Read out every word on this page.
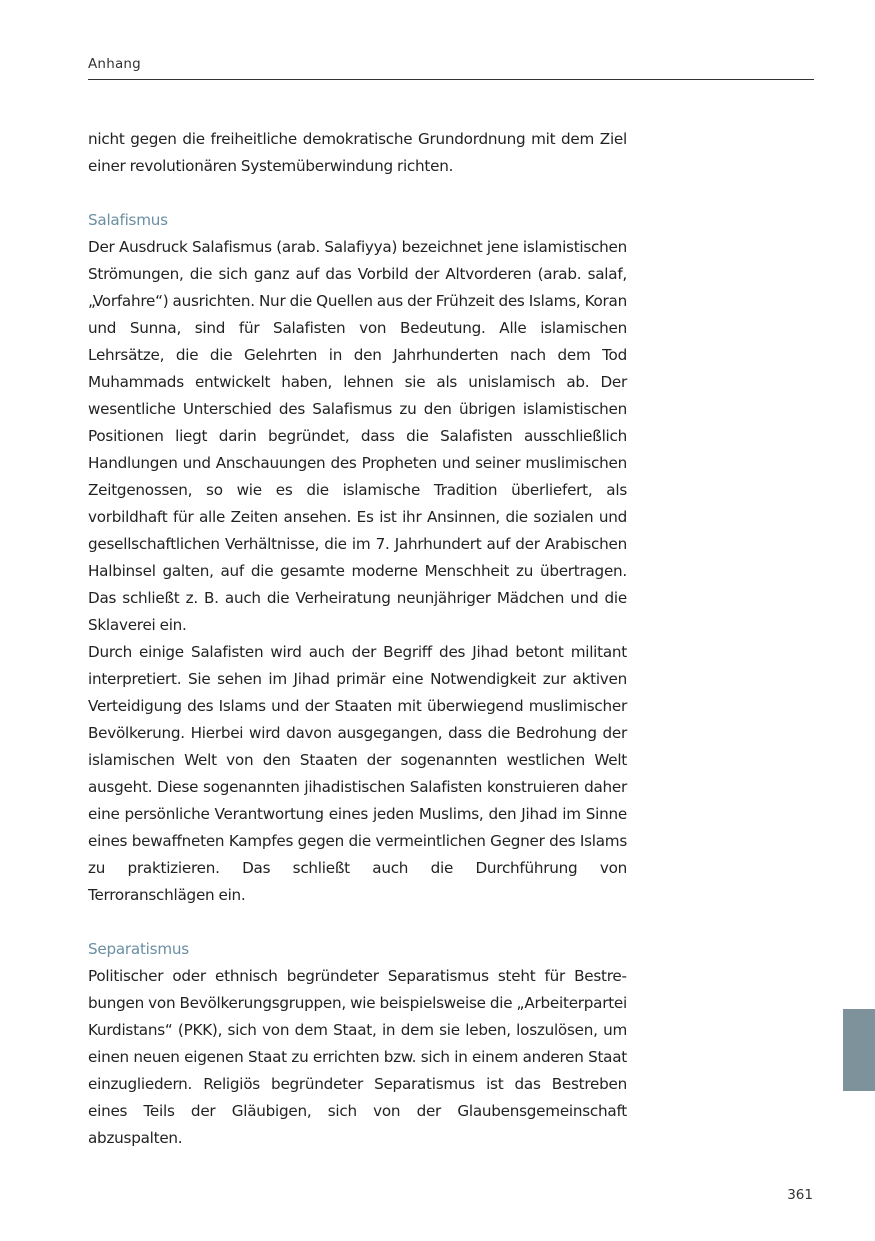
Anhang

nicht gegen die freiheitliche demokratische Grundordnung mit dem Ziel einer revolutionären Systemüberwindung richten.

Salafismus

Der Ausdruck Salafismus (arab. Salafiyya) bezeichnet jene islamistischen Strömungen, die sich ganz auf das Vorbild der Altvorderen (arab. salaf, „Vorfahre“) ausrichten. Nur die Quellen aus der Frühzeit des Islams, Koran und Sunna, sind für Salafisten von Bedeutung. Alle islamischen Lehrsätze, die die Gelehrten in den Jahrhunderten nach dem Tod Muhammads entwickelt haben, lehnen sie als unislamisch ab. Der wesentliche Unterschied des Salafismus zu den übrigen islamistischen Positionen liegt darin begründet, dass die Salafisten ausschließlich Handlungen und Anschauungen des Propheten und seiner muslimischen Zeitgenossen, so wie es die islamische Tradition überliefert, als vorbildhaft für alle Zeiten ansehen. Es ist ihr Ansinnen, die sozialen und gesellschaftlichen Verhältnisse, die im 7. Jahrhundert auf der Arabischen Halbinsel galten, auf die gesamte moderne Menschheit zu übertragen. Das schließt z. B. auch die Verheiratung neunjähriger Mädchen und die Sklaverei ein.

Durch einige Salafisten wird auch der Begriff des Jihad betont militant interpretiert. Sie sehen im Jihad primär eine Notwendigkeit zur aktiven Verteidigung des Islams und der Staaten mit überwiegend muslimischer Bevölkerung. Hierbei wird davon ausgegangen, dass die Bedrohung der islamischen Welt von den Staaten der sogenannten westlichen Welt ausgeht. Diese sogenannten jihadistischen Salafisten konstruieren daher eine persönliche Verantwortung eines jeden Muslims, den Jihad im Sinne eines bewaffneten Kampfes gegen die vermeintlichen Gegner des Islams zu praktizieren. Das schließt auch die Durchführung von Terroranschlägen ein.

Separatismus

Politischer oder ethnisch begründeter Separatismus steht für Bestrebungen von Bevölkerungsgruppen, wie beispielsweise die „Arbeiterpartei Kurdistans“ (PKK), sich von dem Staat, in dem sie leben, loszulösen, um einen neuen eigenen Staat zu errichten bzw. sich in einem anderen Staat einzugliedern. Religiös begründeter Separatismus ist das Bestreben eines Teils der Gläubigen, sich von der Glaubensgemeinschaft abzuspalten.

361
